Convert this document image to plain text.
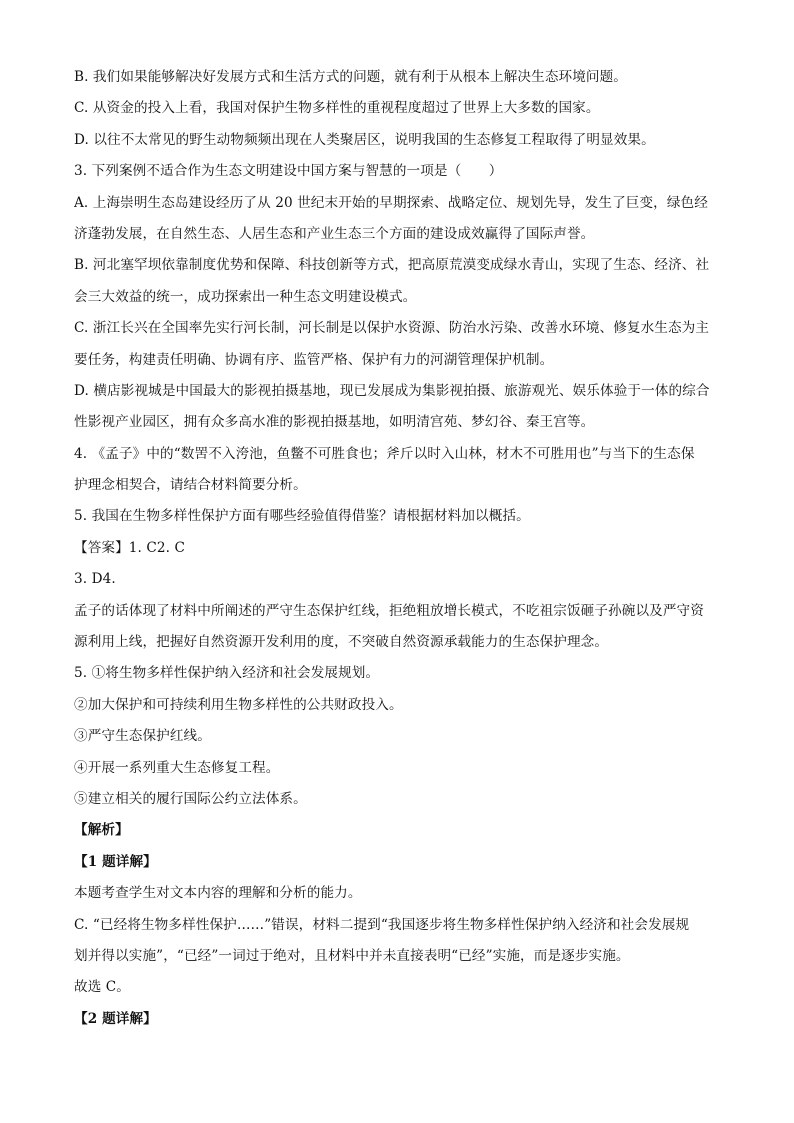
B. 我们如果能够解决好发展方式和生活方式的问题，就有利于从根本上解决生态环境问题。
C. 从资金的投入上看，我国对保护生物多样性的重视程度超过了世界上大多数的国家。
D. 以往不太常见的野生动物频频出现在人类聚居区，说明我国的生态修复工程取得了明显效果。
3. 下列案例不适合作为生态文明建设中国方案与智慧的一项是（　　）
A. 上海崇明生态岛建设经历了从 20 世纪末开始的早期探索、战略定位、规划先导，发生了巨变，绿色经
济蓬勃发展，在自然生态、人居生态和产业生态三个方面的建设成效赢得了国际声誉。
B. 河北塞罕坝依靠制度优势和保障、科技创新等方式，把高原荒漠变成绿水青山，实现了生态、经济、社
会三大效益的统一，成功探索出一种生态文明建设模式。
C. 浙江长兴在全国率先实行河长制，河长制是以保护水资源、防治水污染、改善水环境、修复水生态为主
要任务，构建责任明确、协调有序、监管严格、保护有力的河湖管理保护机制。
D. 横店影视城是中国最大的影视拍摄基地，现已发展成为集影视拍摄、旅游观光、娱乐体验于一体的综合
性影视产业园区，拥有众多高水准的影视拍摄基地，如明清宫苑、梦幻谷、秦王宫等。
4. 《孟子》中的“数罟不入洿池，鱼鳖不可胜食也；斧斤以时入山林，材木不可胜用也”与当下的生态保
护理念相契合，请结合材料简要分析。
5. 我国在生物多样性保护方面有哪些经验值得借鉴？请根据材料加以概括。
【答案】1. C2. C
3. D4.
孟子的话体现了材料中所阐述的严守生态保护红线，拒绝粗放增长模式，不吃祖宗饭砸子孙碗以及严守资
源利用上线，把握好自然资源开发利用的度，不突破自然资源承载能力的生态保护理念。
5. ①将生物多样性保护纳入经济和社会发展规划。
②加大保护和可持续利用生物多样性的公共财政投入。
③严守生态保护红线。
④开展一系列重大生态修复工程。
⑤建立相关的履行国际公约立法体系。
【解析】
【1 题详解】
本题考查学生对文本内容的理解和分析的能力。
C. “已经将生物多样性保护……”错误，材料二提到“我国逐步将生物多样性保护纳入经济和社会发展规
划并得以实施”，“已经”一词过于绝对，且材料中并未直接表明“已经”实施，而是逐步实施。
故选 C。
【2 题详解】
